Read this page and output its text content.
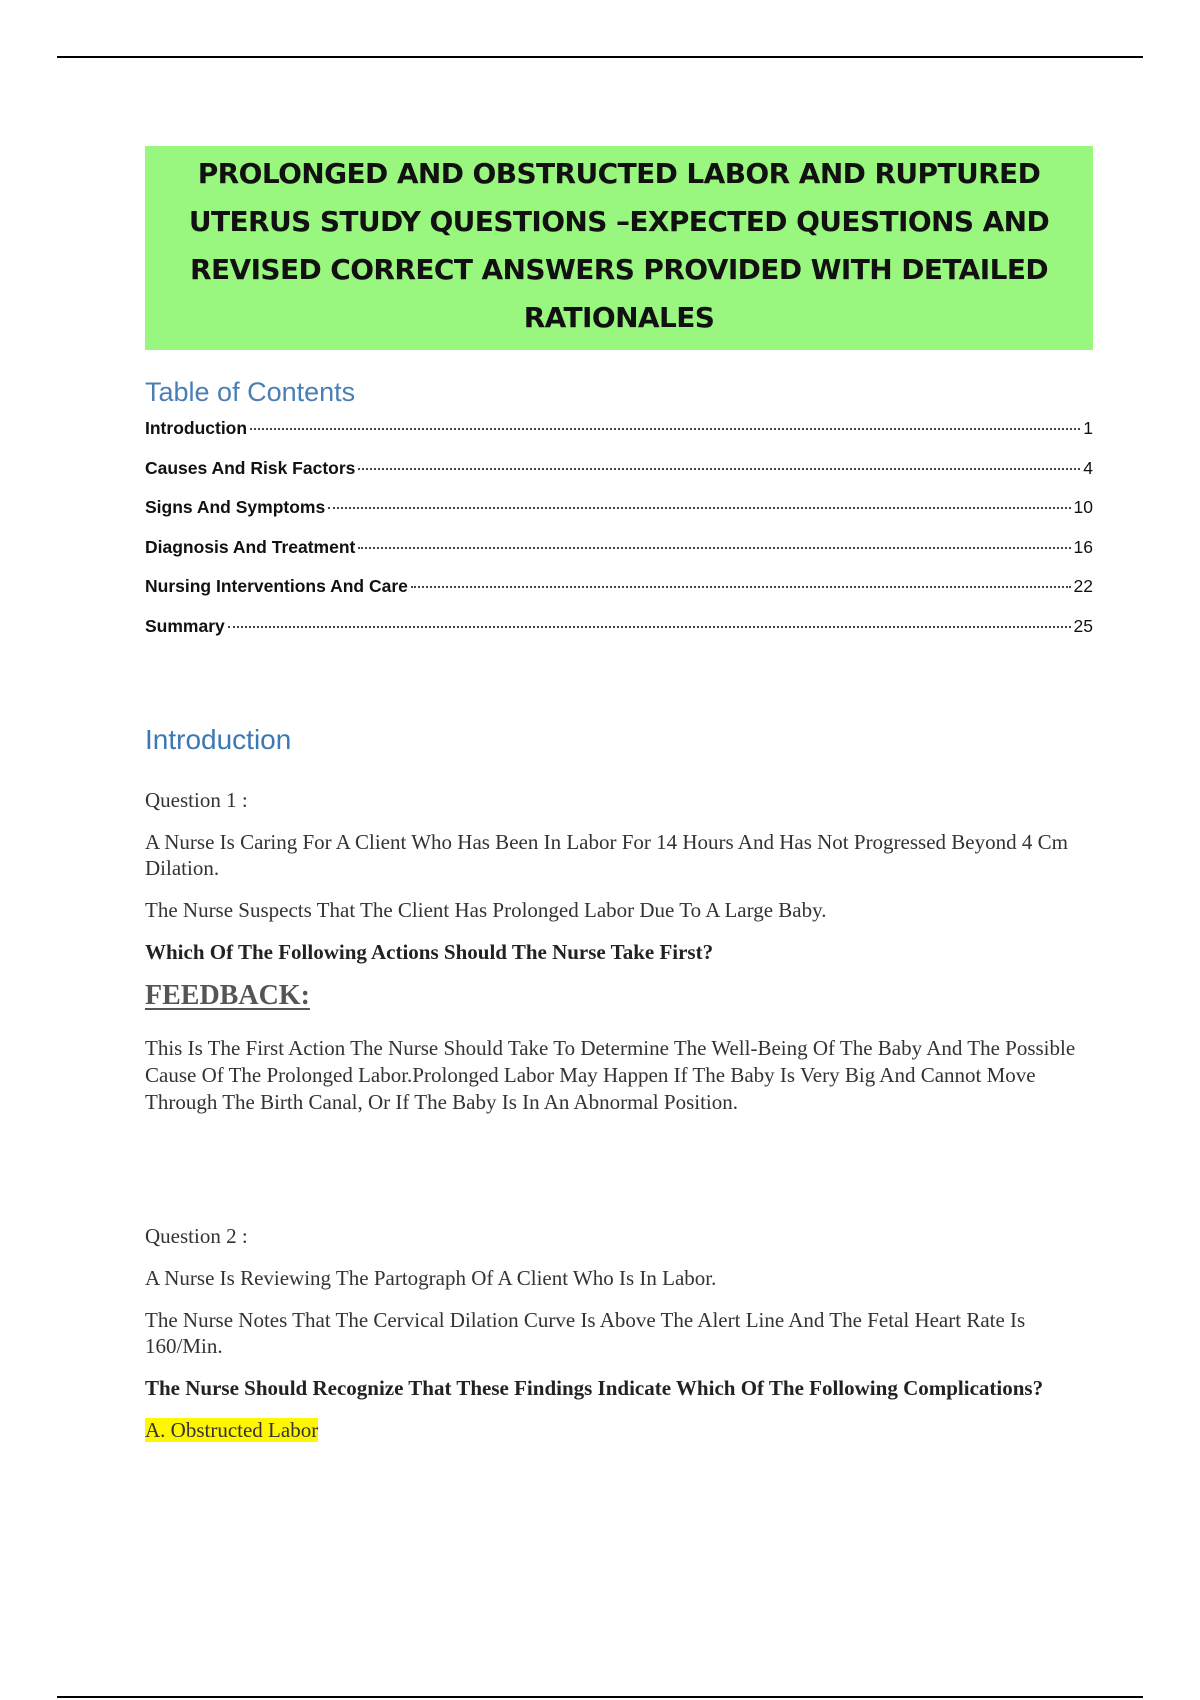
PROLONGED AND OBSTRUCTED LABOR AND RUPTURED UTERUS STUDY QUESTIONS –EXPECTED QUESTIONS AND REVISED CORRECT ANSWERS PROVIDED WITH DETAILED RATIONALES
Table of Contents
Introduction	1
Causes And Risk Factors	4
Signs And Symptoms	10
Diagnosis And Treatment	16
Nursing Interventions And Care	22
Summary	25
Introduction
Question 1 :
A Nurse Is Caring For A Client Who Has Been In Labor For 14 Hours And Has Not Progressed Beyond 4 Cm Dilation.
The Nurse Suspects That The Client Has Prolonged Labor Due To A Large Baby.
Which Of The Following Actions Should The Nurse Take First?
FEEDBACK:
This Is The First Action The Nurse Should Take To Determine The Well-Being Of The Baby And The Possible Cause Of The Prolonged Labor.Prolonged Labor May Happen If The Baby Is Very Big And Cannot Move Through The Birth Canal, Or If The Baby Is In An Abnormal Position.
Question 2 :
A Nurse Is Reviewing The Partograph Of A Client Who Is In Labor.
The Nurse Notes That The Cervical Dilation Curve Is Above The Alert Line And The Fetal Heart Rate Is 160/Min.
The Nurse Should Recognize That These Findings Indicate Which Of The Following Complications?
A. Obstructed Labor
